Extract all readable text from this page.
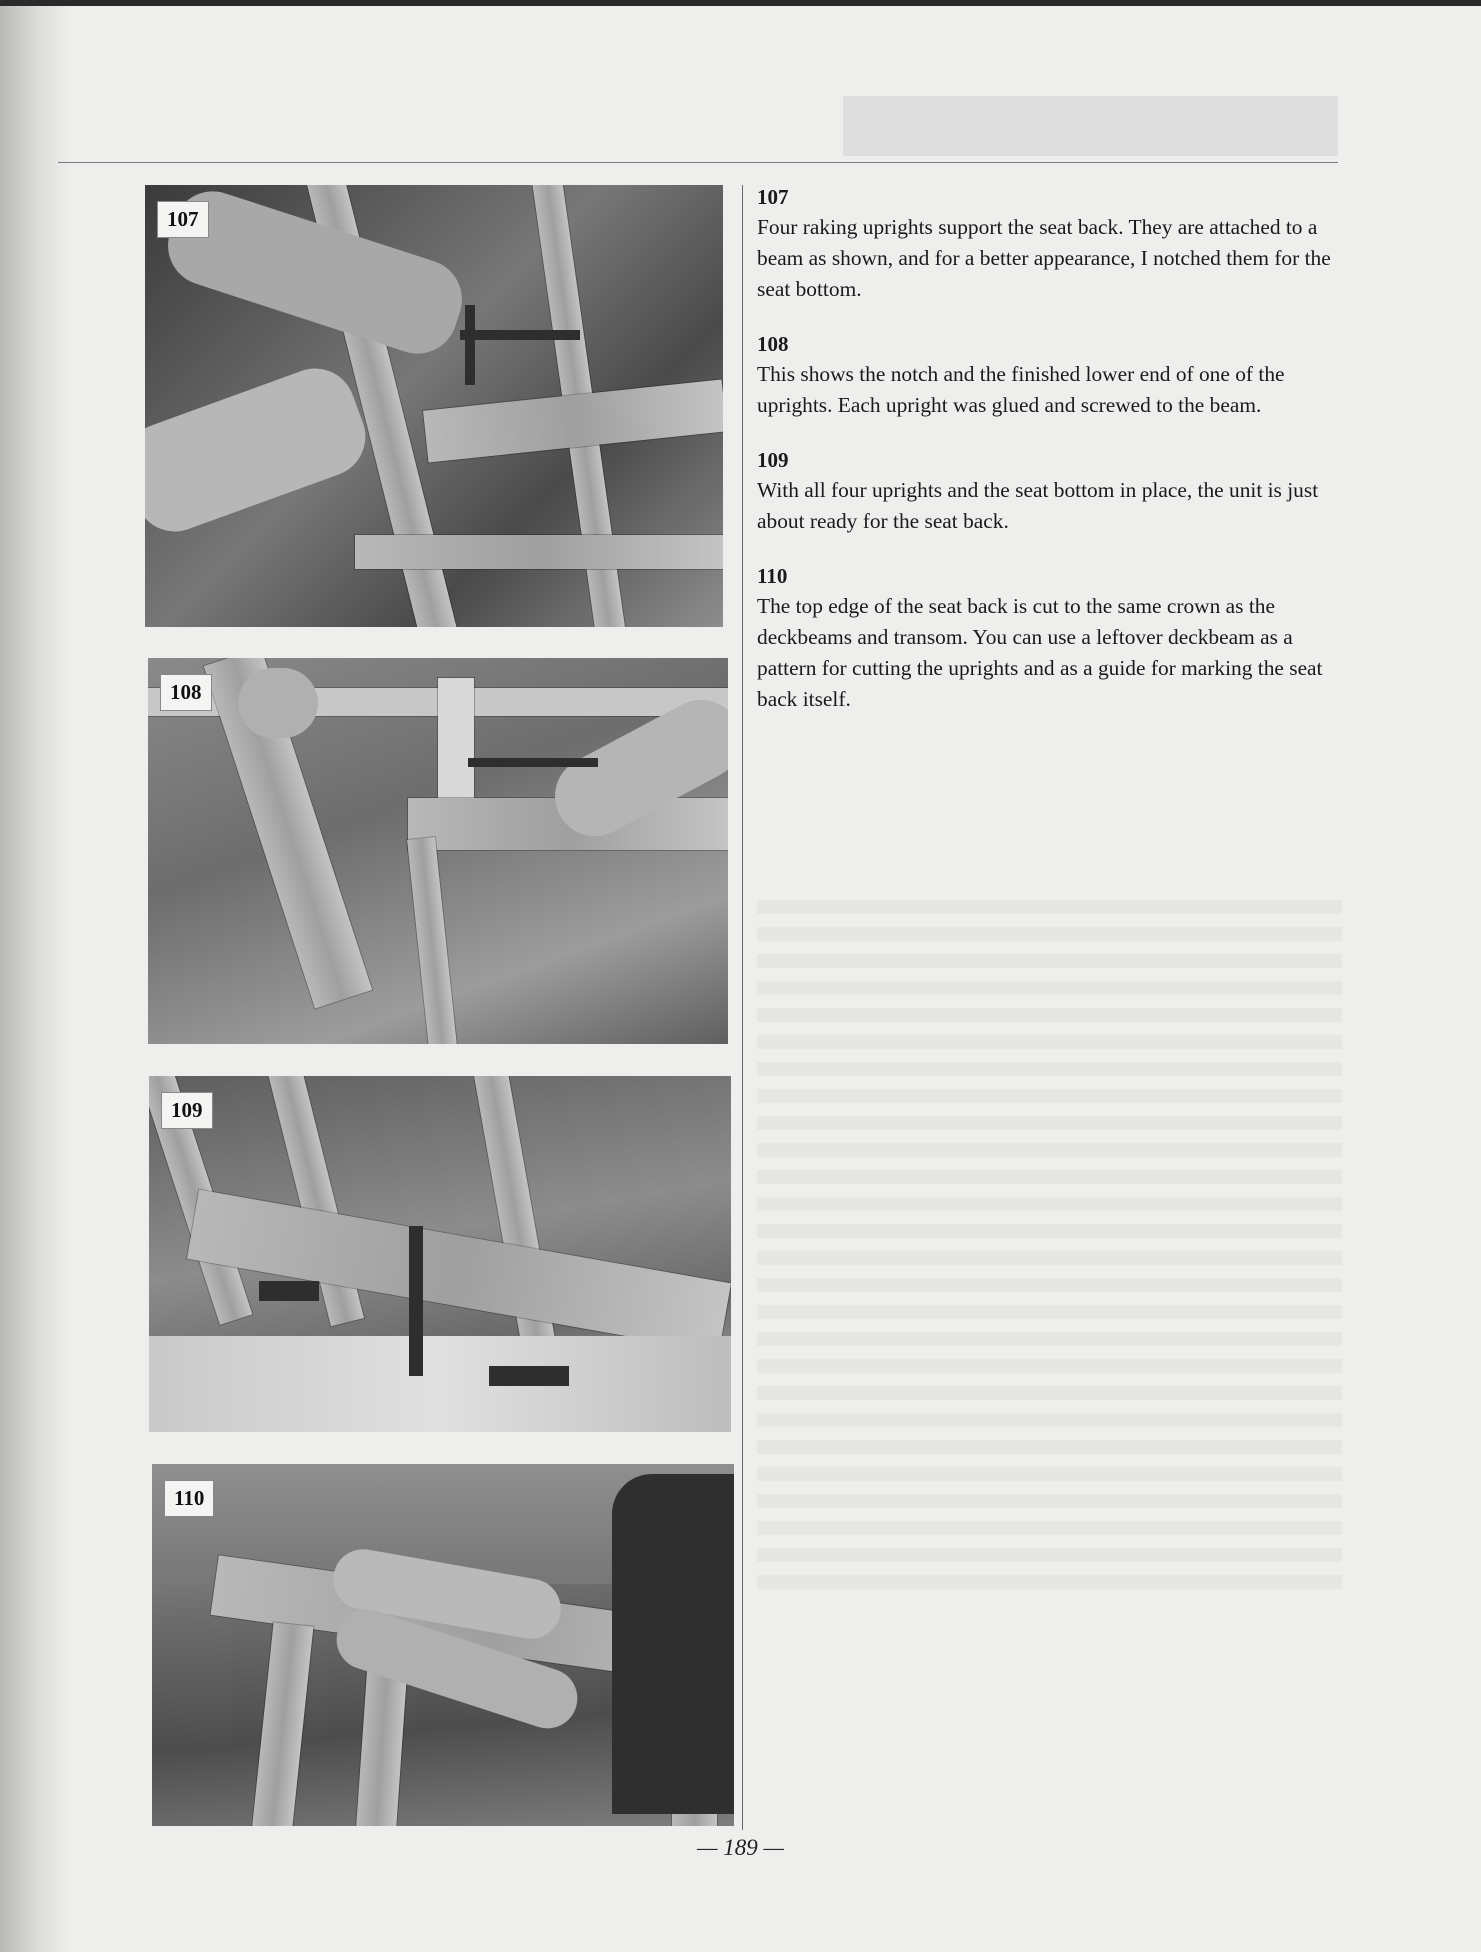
107
108
109
110
107
Four raking uprights support the seat back. They are attached to a beam as shown, and for a better appearance, I notched them for the seat bottom.
108
This shows the notch and the finished lower end of one of the uprights. Each upright was glued and screwed to the beam.
109
With all four uprights and the seat bottom in place, the unit is just about ready for the seat back.
110
The top edge of the seat back is cut to the same crown as the deckbeams and transom. You can use a leftover deckbeam as a pattern for cutting the uprights and as a guide for marking the seat back itself.
— 189 —
